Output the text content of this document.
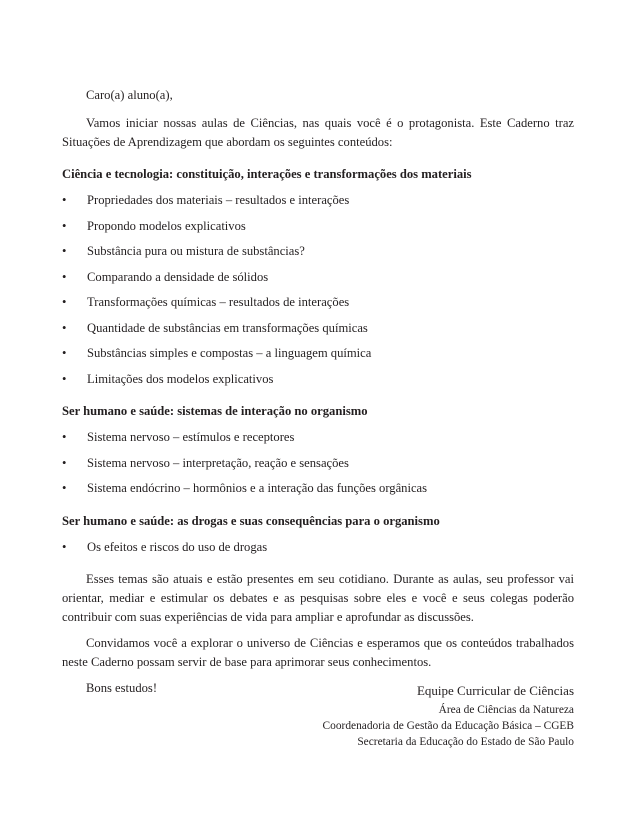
Caro(a) aluno(a),

Vamos iniciar nossas aulas de Ciências, nas quais você é o protagonista. Este Caderno traz Situações de Aprendizagem que abordam os seguintes conteúdos:

Ciência e tecnologia: constituição, interações e transformações dos materiais

• Propriedades dos materiais – resultados e interações
• Propondo modelos explicativos
• Substância pura ou mistura de substâncias?
• Comparando a densidade de sólidos
• Transformações químicas – resultados de interações
• Quantidade de substâncias em transformações químicas
• Substâncias simples e compostas – a linguagem química
• Limitações dos modelos explicativos

Ser humano e saúde: sistemas de interação no organismo

• Sistema nervoso – estímulos e receptores
• Sistema nervoso – interpretação, reação e sensações
• Sistema endócrino – hormônios e a interação das funções orgânicas

Ser humano e saúde: as drogas e suas consequências para o organismo

• Os efeitos e riscos do uso de drogas

Esses temas são atuais e estão presentes em seu cotidiano. Durante as aulas, seu professor vai orientar, mediar e estimular os debates e as pesquisas sobre eles e você e seus colegas poderão contribuir com suas experiências de vida para ampliar e aprofundar as discussões.

Convidamos você a explorar o universo de Ciências e esperamos que os conteúdos trabalhados neste Caderno possam servir de base para aprimorar seus conhecimentos.

Bons estudos!	Equipe Curricular de Ciências
Área de Ciências da Natureza
Coordenadoria de Gestão da Educação Básica – CGEB
Secretaria da Educação do Estado de São Paulo
